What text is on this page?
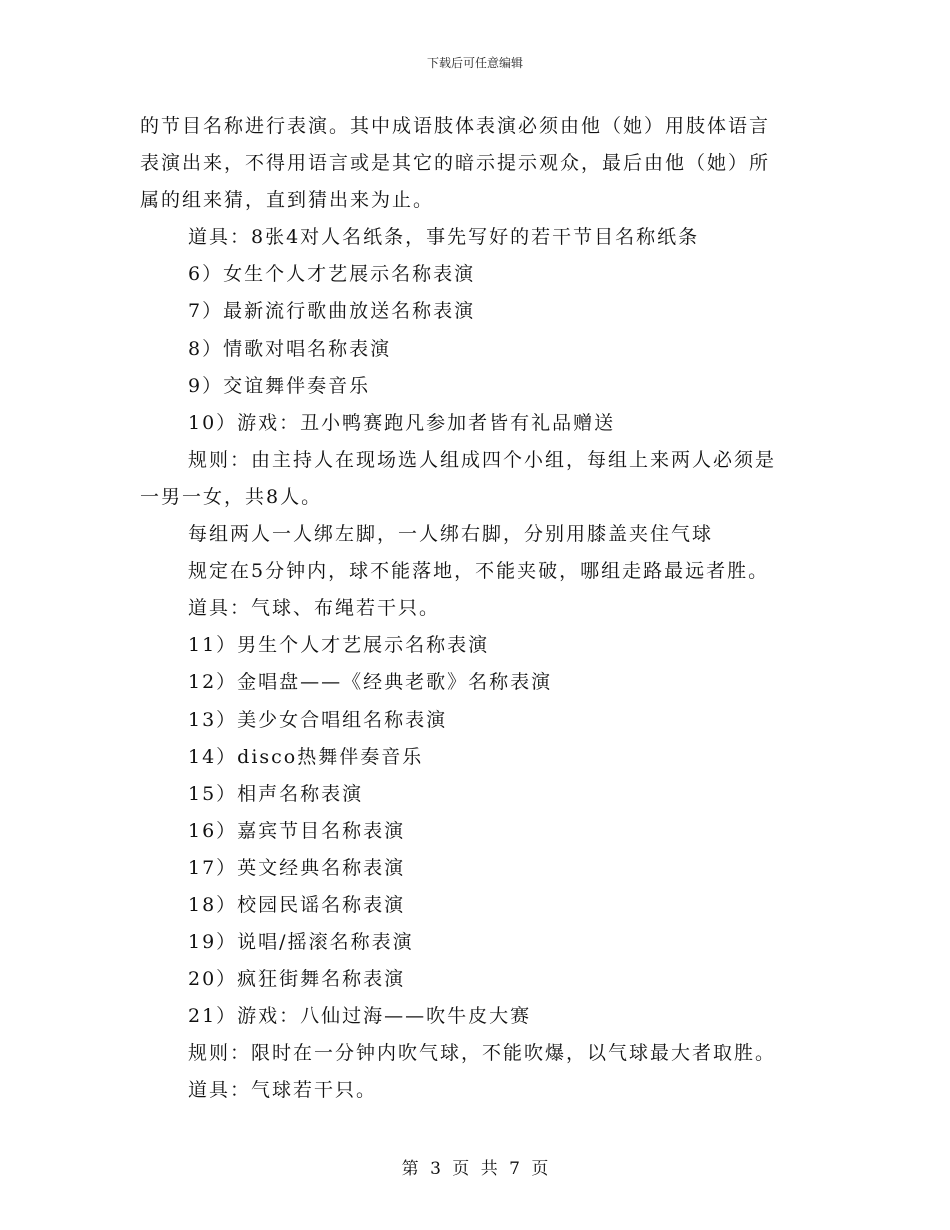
下载后可任意编辑
的节目名称进行表演。其中成语肢体表演必须由他（她）用肢体语言
表演出来，不得用语言或是其它的暗示提示观众，最后由他（她）所
属的组来猜，直到猜出来为止。
道具：8张4对人名纸条，事先写好的若干节目名称纸条
6）女生个人才艺展示名称表演
7）最新流行歌曲放送名称表演
8）情歌对唱名称表演
9）交谊舞伴奏音乐
10）游戏：丑小鸭赛跑凡参加者皆有礼品赠送
规则：由主持人在现场选人组成四个小组，每组上来两人必须是
一男一女，共8人。
每组两人一人绑左脚，一人绑右脚，分别用膝盖夹住气球
规定在5分钟内，球不能落地，不能夹破，哪组走路最远者胜。
道具：气球、布绳若干只。
11）男生个人才艺展示名称表演
12）金唱盘——《经典老歌》名称表演
13）美少女合唱组名称表演
14）disco热舞伴奏音乐
15）相声名称表演
16）嘉宾节目名称表演
17）英文经典名称表演
18）校园民谣名称表演
19）说唱/摇滚名称表演
20）疯狂街舞名称表演
21）游戏：八仙过海——吹牛皮大赛
规则：限时在一分钟内吹气球，不能吹爆，以气球最大者取胜。
道具：气球若干只。
第 3 页 共 7 页
